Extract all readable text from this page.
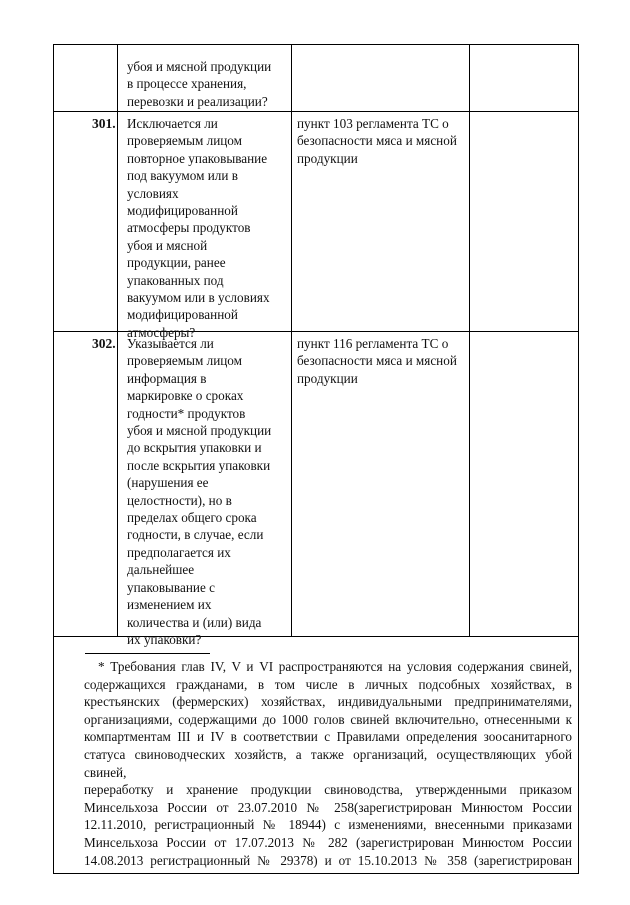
убоя и мясной продукции
в процессе хранения,
перевозки и реализации?
301. Исключается ли
проверяемым лицом
повторное упаковывание
под вакуумом или в
условиях
модифицированной
атмосферы продуктов
убоя и мясной
продукции, ранее
упакованных под
вакуумом или в условиях
модифицированной
атмосферы?
пункт 103 регламента ТС о
безопасности мяса и мясной
продукции
302. Указывается ли
проверяемым лицом
информация в
маркировке о сроках
годности* продуктов
убоя и мясной продукции
до вскрытия упаковки и
после вскрытия упаковки
(нарушения ее
целостности), но в
пределах общего срока
годности, в случае, если
предполагается их
дальнейшее
упаковывание с
изменением их
количества и (или) вида
их упаковки?
пункт 116 регламента ТС о
безопасности мяса и мясной
продукции
* Требования глав IV, V и VI распространяются на условия содержания свиней,
содержащихся гражданами, в том числе в личных подсобных хозяйствах, в
крестьянских (фермерских) хозяйствах, индивидуальными предпринимателями,
организациями, содержащими до 1000 голов свиней включительно, отнесенными к
компартментам III и IV в соответствии с Правилами определения зоосанитарного
статуса свиноводческих хозяйств, а также организаций, осуществляющих убой свиней,
переработку и хранение продукции свиноводства, утвержденными приказом
Минсельхоза России от 23.07.2010 № 258(зарегистрирован Минюстом России
12.11.2010, регистрационный № 18944) с изменениями, внесенными приказами
Минсельхоза России от 17.07.2013 № 282 (зарегистрирован Минюстом России
14.08.2013 регистрационный № 29378) и от 15.10.2013 № 358 (зарегистрирован
